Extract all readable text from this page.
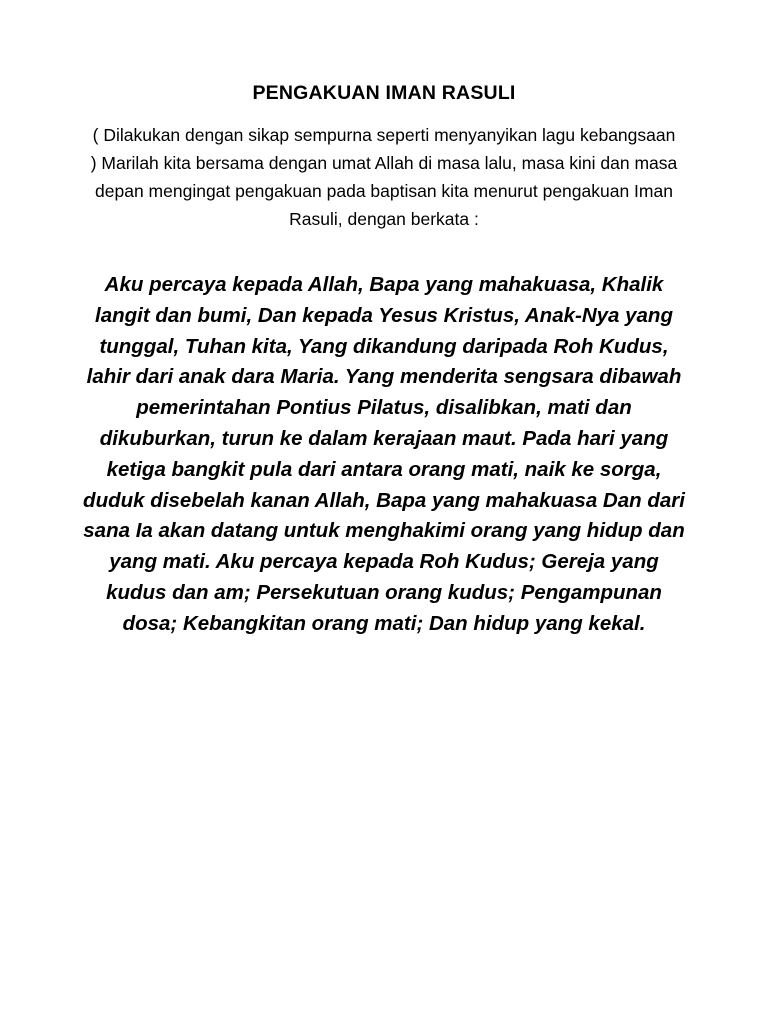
PENGAKUAN IMAN RASULI

( Dilakukan dengan sikap sempurna seperti menyanyikan lagu kebangsaan ) Marilah kita bersama dengan umat Allah di masa lalu, masa kini dan masa depan mengingat pengakuan pada baptisan kita menurut pengakuan Iman Rasuli, dengan berkata :

Aku percaya kepada Allah, Bapa yang mahakuasa, Khalik langit dan bumi, Dan kepada Yesus Kristus, Anak-Nya yang tunggal, Tuhan kita, Yang dikandung daripada Roh Kudus, lahir dari anak dara Maria. Yang menderita sengsara dibawah pemerintahan Pontius Pilatus, disalibkan, mati dan dikuburkan, turun ke dalam kerajaan maut. Pada hari yang ketiga bangkit pula dari antara orang mati, naik ke sorga, duduk disebelah kanan Allah, Bapa yang mahakuasa Dan dari sana Ia akan datang untuk menghakimi orang yang hidup dan yang mati. Aku percaya kepada Roh Kudus; Gereja yang kudus dan am; Persekutuan orang kudus; Pengampunan dosa; Kebangkitan orang mati; Dan hidup yang kekal.
